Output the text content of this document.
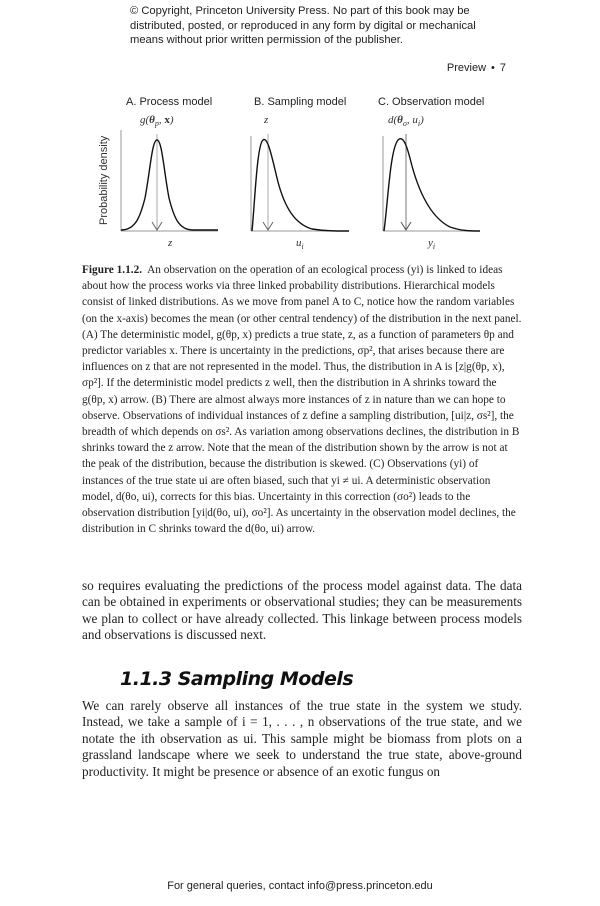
© Copyright, Princeton University Press. No part of this book may be distributed, posted, or reproduced in any form by digital or mechanical means without prior written permission of the publisher.
Preview • 7
A. Process model	B. Sampling model	C. Observation model
Probability density
$g(\theta_p$, x)	z	$d(\theta_o$, $u_i$)
z	$u_i$	$y_i$
Figure 1.1.2. An observation on the operation of an ecological process (yi) is linked to ideas about how the process works via three linked probability distributions. Hierarchical models consist of linked distributions. As we move from panel A to C, notice how the random variables (on the x-axis) becomes the mean (or other central tendency) of the distribution in the next panel. (A) The deterministic model, g(θp, x) predicts a true state, z, as a function of parameters θp and predictor variables x. There is uncertainty in the predictions, σp², that arises because there are influences on z that are not represented in the model. Thus, the distribution in A is [z|g(θp, x), σp²]. If the deterministic model predicts z well, then the distribution in A shrinks toward the g(θp, x) arrow. (B) There are almost always more instances of z in nature than we can hope to observe. Observations of individual instances of z define a sampling distribution, [ui|z, σs²], the breadth of which depends on σs². As variation among observations declines, the distribution in B shrinks toward the z arrow. Note that the mean of the distribution shown by the arrow is not at the peak of the distribution, because the distribution is skewed. (C) Observations (yi) of instances of the true state ui are often biased, such that yi ≠ ui. A deterministic observation model, d(θo, ui), corrects for this bias. Uncertainty in this correction (σo²) leads to the observation distribution [yi|d(θo, ui), σo²]. As uncertainty in the observation model declines, the distribution in C shrinks toward the d(θo, ui) arrow.

so requires evaluating the predictions of the process model against data. The data can be obtained in experiments or observational studies; they can be measurements we plan to collect or have already collected. This linkage between process models and observations is discussed next.

1.1.3 Sampling Models

We can rarely observe all instances of the true state in the system we study. Instead, we take a sample of i = 1, . . . , n observations of the true state, and we notate the ith observation as ui. This sample might be biomass from plots on a grassland landscape where we seek to understand the true state, above-ground productivity. It might be presence or absence of an exotic fungus on

For general queries, contact info@press.princeton.edu
